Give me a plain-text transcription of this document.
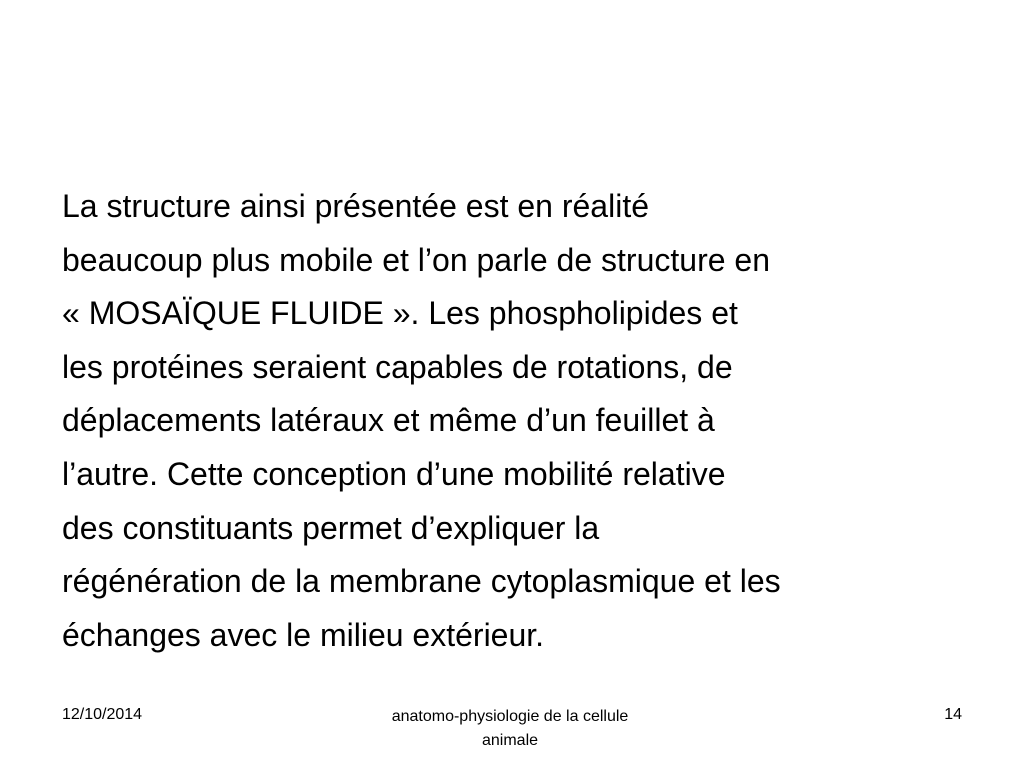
La structure ainsi présentée est en réalité
beaucoup plus mobile et l’on parle de structure en
« MOSAÏQUE FLUIDE ». Les phospholipides et
les protéines seraient capables de rotations, de
déplacements latéraux et même d’un feuillet à
l’autre. Cette conception d’une mobilité relative
des constituants permet d’expliquer la
régénération de la membrane cytoplasmique et les
échanges avec le milieu extérieur.
12/10/2014	anatomo-physiologie de la cellule
animale
14
